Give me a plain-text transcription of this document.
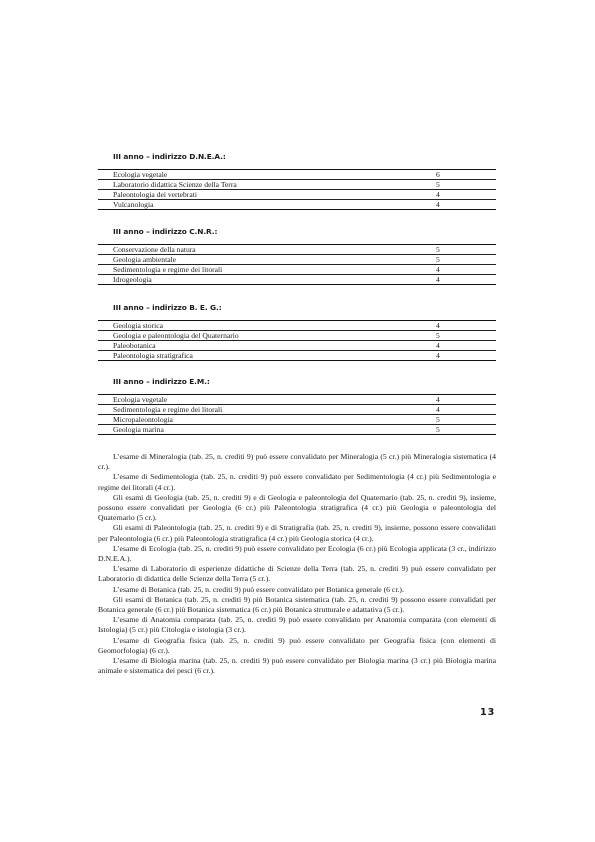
III anno – indirizzo D.N.E.A.:
Ecologia vegetale	6
Laboratorio didattica Scienze della Terra	5
Paleontologia dei vertebrati	4
Vulcanologia	4
III anno – indirizzo C.N.R.:
Conservazione della natura	5
Geologia ambientale	5
Sedimentologia e regime dei litorali	4
Idrogeologia	4
III anno – indirizzo B. E. G.:
Geologia storica	4
Geologia e paleontologia del Quaternario	5
Paleobotanica	4
Paleontologia stratigrafica	4
III anno – indirizzo E.M.:
Ecologia vegetale	4
Sedimentologia e regime dei litorali	4
Micropaleontologia	5
Geologia marina	5

L’esame di Mineralogia (tab. 25, n. crediti 9) può essere convalidato per Mineralogia (5 cr.) più Mineralogia sistematica (4 cr.).

L’esame di Sedimentologia (tab. 25, n. crediti 9) può essere convalidato per Sedimentologia (4 cr.) più Sedimentologia e regime dei litorali (4 cr.).

Gli esami di Geologia (tab. 25, n. crediti 9) e di Geologia e paleontologia del Quaternario (tab. 25, n. crediti 9), insieme, possono essere convalidati per Geologia (6 cr.) più Paleontologia stratigrafica (4 cr.) più Geologia e paleontologia del Quaternario (5 cr.).

Gli esami di Paleontologia (tab. 25, n. crediti 9) e di Stratigrafia (tab. 25, n. crediti 9), insieme, possono essere convalidati per Paleontologia (6 cr.) più Paleontologia stratigrafica (4 cr.) più Geologia storica (4 cr.).

L’esame di Ecologia (tab. 25, n. crediti 9) può essere convalidato per Ecologia (6 cr.) più Ecologia applicata (3 cr., indirizzo D.N.E.A.).

L’esame di Laboratorio di esperienze didattiche di Scienze della Terra (tab. 25, n. crediti 9) può essere convalidato per Laboratorio di didattica delle Scienze della Terra (5 cr.).

L’esame di Botanica (tab. 25, n. crediti 9) può essere convalidato per Botanica generale (6 cr.).

Gli esami di Botanica (tab. 25, n. crediti 9) più Botanica sistematica (tab. 25, n. crediti 9) possono essere convalidati per Botanica generale (6 cr.) più Botanica sistematica (6 cr.) più Botanica strutturale e adattativa (5 cr.).

L’esame di Anatomia comparata (tab. 25, n. crediti 9) può essere convalidato per Anatomia comparata (con elementi di Istologia) (5 cr.) più Citologia e istologia (3 cr.).

L’esame di Geografia fisica (tab. 25, n. crediti 9) può essere convalidato per Geografia fisica (con elementi di Geomorfologia) (6 cr.).

L’esame di Biologia marina (tab. 25, n. crediti 9) può essere convalidato per Biologia marina (3 cr.) più Biologia marina animale e sistematica dei pesci (6 cr.).

13
